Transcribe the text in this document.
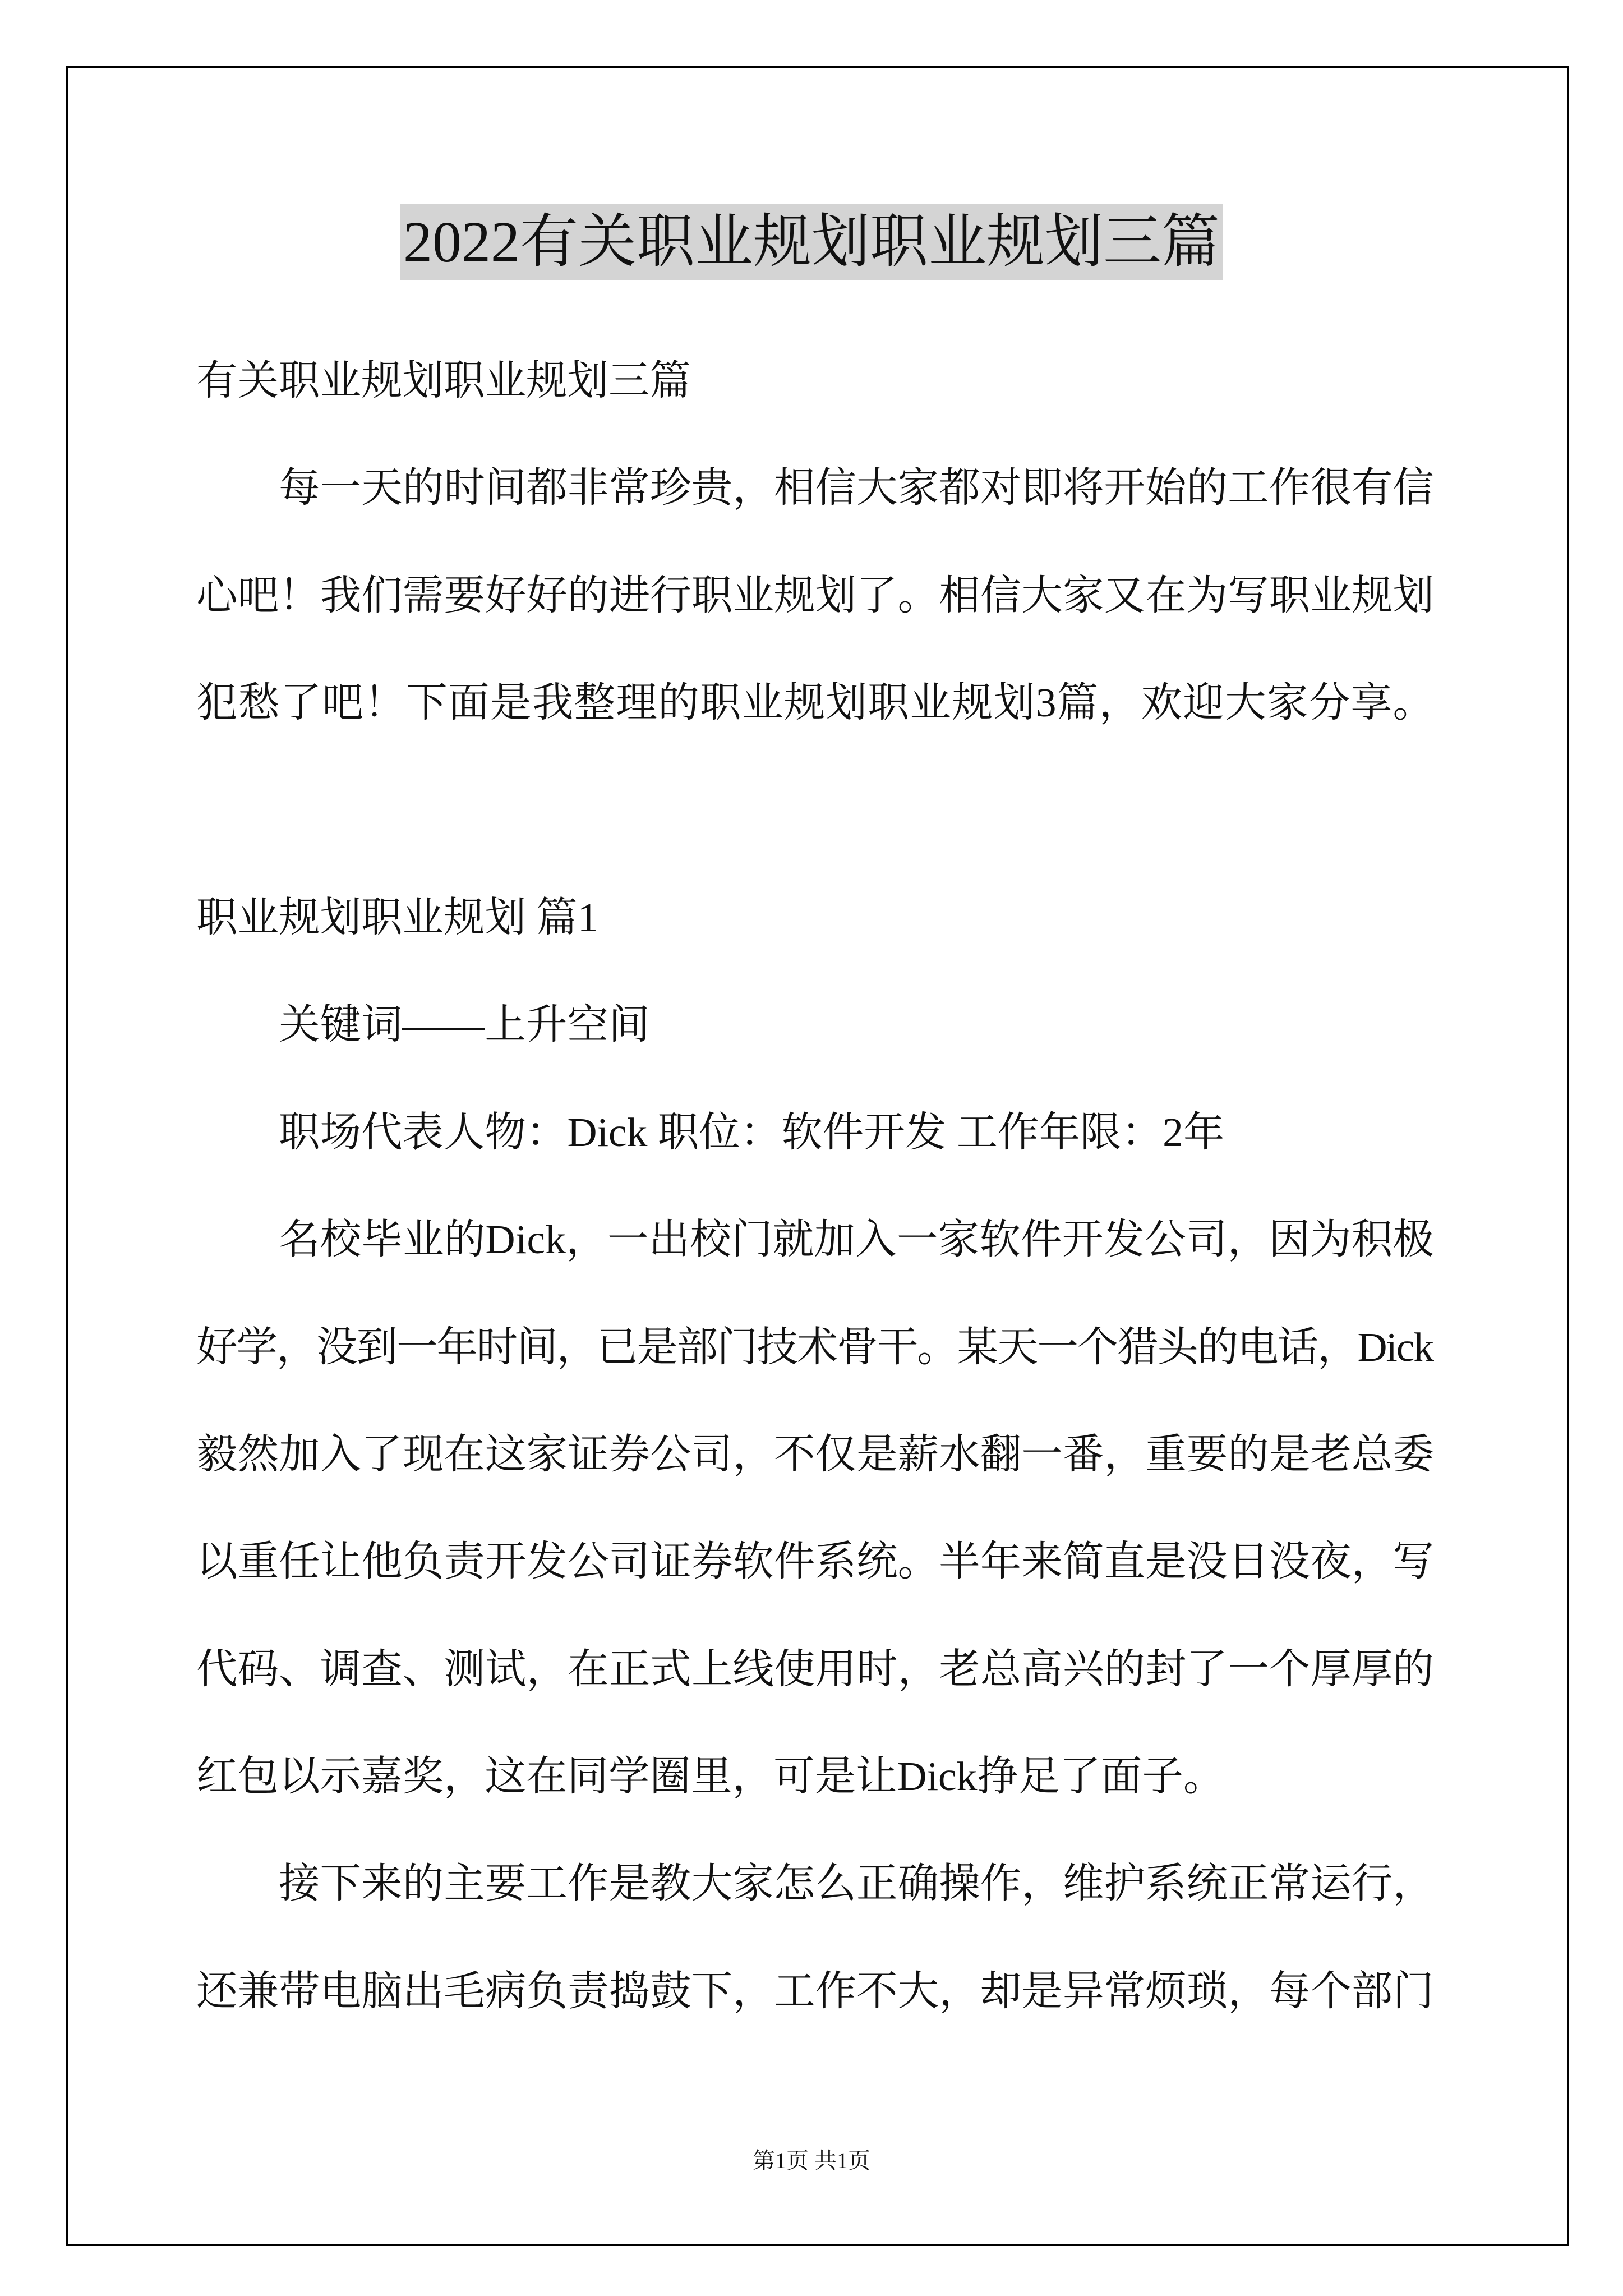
2022有关职业规划职业规划三篇
有关职业规划职业规划三篇
每一天的时间都非常珍贵，相信大家都对即将开始的工作很有信
心吧！我们需要好好的进行职业规划了。相信大家又在为写职业规划
犯愁了吧！下面是我整理的职业规划职业规划3篇，欢迎大家分享。
职业规划职业规划 篇1
关键词——上升空间
职场代表人物：Dick 职位：软件开发 工作年限：2年
名校毕业的Dick，一出校门就加入一家软件开发公司，因为积极
好学，没到一年时间，已是部门技术骨干。某天一个猎头的电话，Dick
毅然加入了现在这家证券公司，不仅是薪水翻一番，重要的是老总委
以重任让他负责开发公司证券软件系统。半年来简直是没日没夜，写
代码、调查、测试，在正式上线使用时，老总高兴的封了一个厚厚的
红包以示嘉奖，这在同学圈里，可是让Dick挣足了面子。
接下来的主要工作是教大家怎么正确操作，维护系统正常运行，
还兼带电脑出毛病负责捣鼓下，工作不大，却是异常烦琐，每个部门
第1页 共1页
